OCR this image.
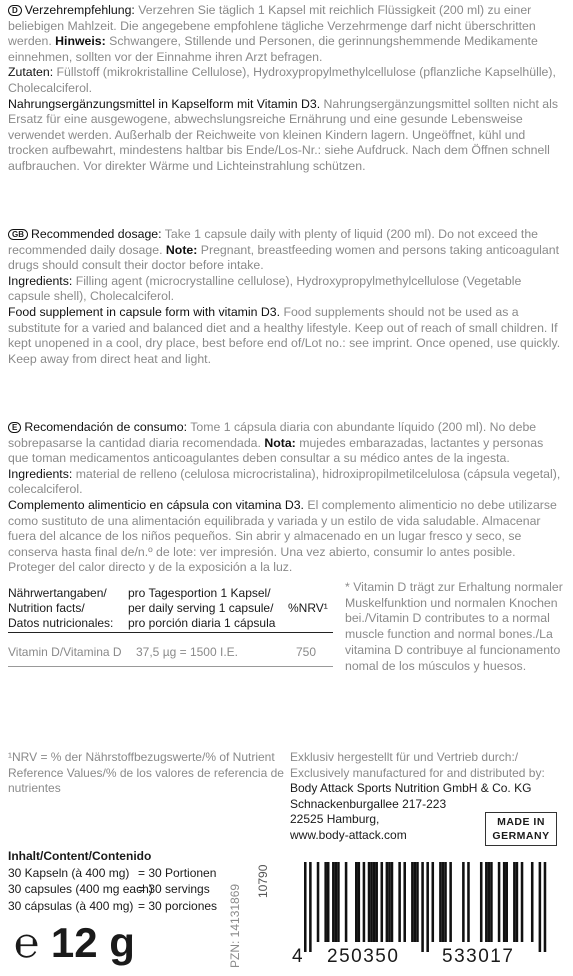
D Verzehrempfehlung: Verzehren Sie täglich 1 Kapsel mit reichlich Flüssigkeit (200 ml) zu einer beliebigen Mahlzeit. Die angegebene empfohlene tägliche Verzehrmenge darf nicht überschritten werden. Hinweis: Schwangere, Stillende und Personen, die gerinnungshemmende Medikamente einnehmen, sollten vor der Einnahme ihren Arzt befragen.

Zutaten: Füllstoff (mikrokristalline Cellulose), Hydroxypropylmethylcellulose (pflanzliche Kapselhülle), Cholecalciferol.

Nahrungsergänzungsmittel in Kapselform mit Vitamin D3. Nahrungsergänzungsmittel sollten nicht als Ersatz für eine ausgewogene, abwechslungsreiche Ernährung und eine gesunde Lebensweise verwendet werden. Außerhalb der Reichweite von kleinen Kindern lagern. Ungeöffnet, kühl und trocken aufbewahrt, mindestens haltbar bis Ende/Los-Nr.: siehe Aufdruck. Nach dem Öffnen schnell aufbrauchen. Vor direkter Wärme und Lichteinstrahlung schützen.

GB Recommended dosage: Take 1 capsule daily with plenty of liquid (200 ml). Do not exceed the recommended daily dosage. Note: Pregnant, breastfeeding women and persons taking anticoagulant drugs should consult their doctor before intake.

Ingredients: Filling agent (microcrystalline cellulose), Hydroxypropylmethylcellulose (Vegetable capsule shell), Cholecalciferol.

Food supplement in capsule form with vitamin D3. Food supplements should not be used as a substitute for a varied and balanced diet and a healthy lifestyle. Keep out of reach of small children. If kept unopened in a cool, dry place, best before end of/Lot no.: see imprint. Once opened, use quickly. Keep away from direct heat and light.

E Recomendación de consumo: Tome 1 cápsula diaria con abundante líquido (200 ml). No debe sobrepasarse la cantidad diaria recomendada. Nota: mujedes embarazadas, lactantes y personas que toman medicamentos anticoagulantes deben consultar a su médico antes de la ingesta.

Ingredients: material de relleno (celulosa microcristalina), hidroxipropilmetilcelulosa (cápsula vegetal), colecalciferol.

Complemento alimenticio en cápsula con vitamina D3. El complemento alimenticio no debe utilizarse como sustituto de una alimentación equilibrada y variada y un estilo de vida saludable. Almacenar fuera del alcance de los niños pequeños. Sin abrir y almacenado en un lugar fresco y seco, se conserva hasta final de/n.º de lote: ver impresión. Una vez abierto, consumir lo antes posible. Proteger del calor directo y de la exposición a la luz.

Nährwertangaben/
Nutrition facts/
Datos nutricionales:
pro Tagesportion 1 Kapsel/
per daily serving 1 capsule/
pro porción diaria 1 cápsula
%NRV¹
Vitamin D/Vitamina D 37,5 µg = 1500 I.E.	750
* Vitamin D trägt zur Erhaltung normaler Muskelfunktion und normalen Knochen bei./Vitamin D contributes to a normal muscle function and normal bones./La vitamina D contribuye al funcionamento nomal de los músculos y huesos.
¹NRV = % der Nährstoffbezugswerte/% of Nutrient Reference Values/% de los valores de referencia de nutrientes
Exklusiv hergestellt für und Vertrieb durch:/ Exclusively manufactured for and distributed by:
Body Attack Sports Nutrition GmbH & Co. KG
Schnackenburgallee 217-223
22525 Hamburg,
www.body-attack.com
MADE IN
GERMANY
Inhalt/Content/Contenido
30 Kapseln (à 400 mg) = 30 Portionen
30 capsules (400 mg each)
= 30 servings
30 cápsulas (à 400 mg) = 30 porciones
℮ 12 g	PZN: 14131869
10790
4 250350 533017
